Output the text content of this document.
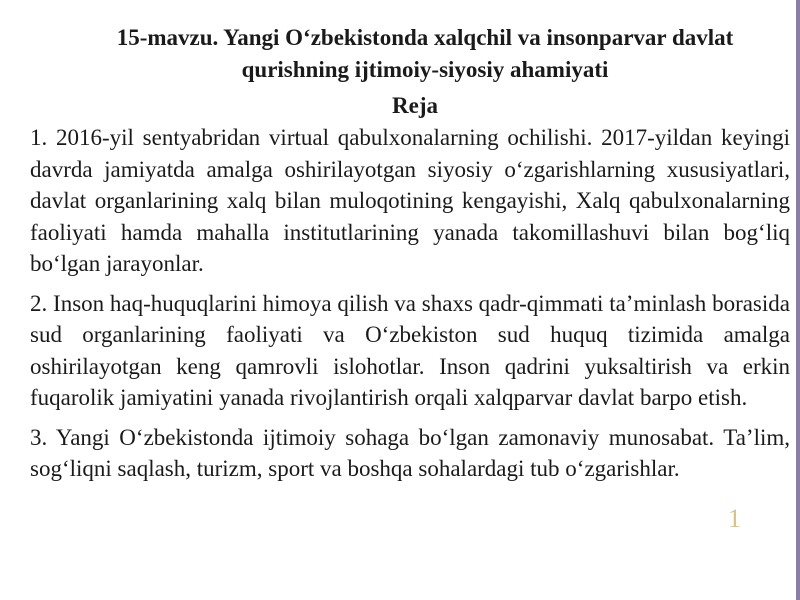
15-mavzu. Yangi O‘zbekistonda xalqchil va insonparvar davlat
qurishning ijtimoiy-siyosiy ahamiyati
Reja

1. 2016-yil sentyabridan virtual qabulxonalarning ochilishi. 2017-yildan keyingi davrda jamiyatda amalga oshirilayotgan siyosiy o‘zgarishlarning xususiyatlari, davlat organlarining xalq bilan muloqotining kengayishi, Xalq qabulxonalarning faoliyati hamda mahalla institutlarining yanada takomillashuvi bilan bog‘liq bo‘lgan jarayonlar.

2. Inson haq-huquqlarini himoya qilish va shaxs qadr-qimmati ta’minlash borasida sud organlarining faoliyati va O‘zbekiston sud huquq tizimida amalga oshirilayotgan keng qamrovli islohotlar. Inson qadrini yuksaltirish va erkin fuqarolik jamiyatini yanada rivojlantirish orqali xalqparvar davlat barpo etish.

3. Yangi O‘zbekistonda ijtimoiy sohaga bo‘lgan zamonaviy munosabat. Ta’lim, sog‘liqni saqlash, turizm, sport va boshqa sohalardagi tub o‘zgarishlar.

1
